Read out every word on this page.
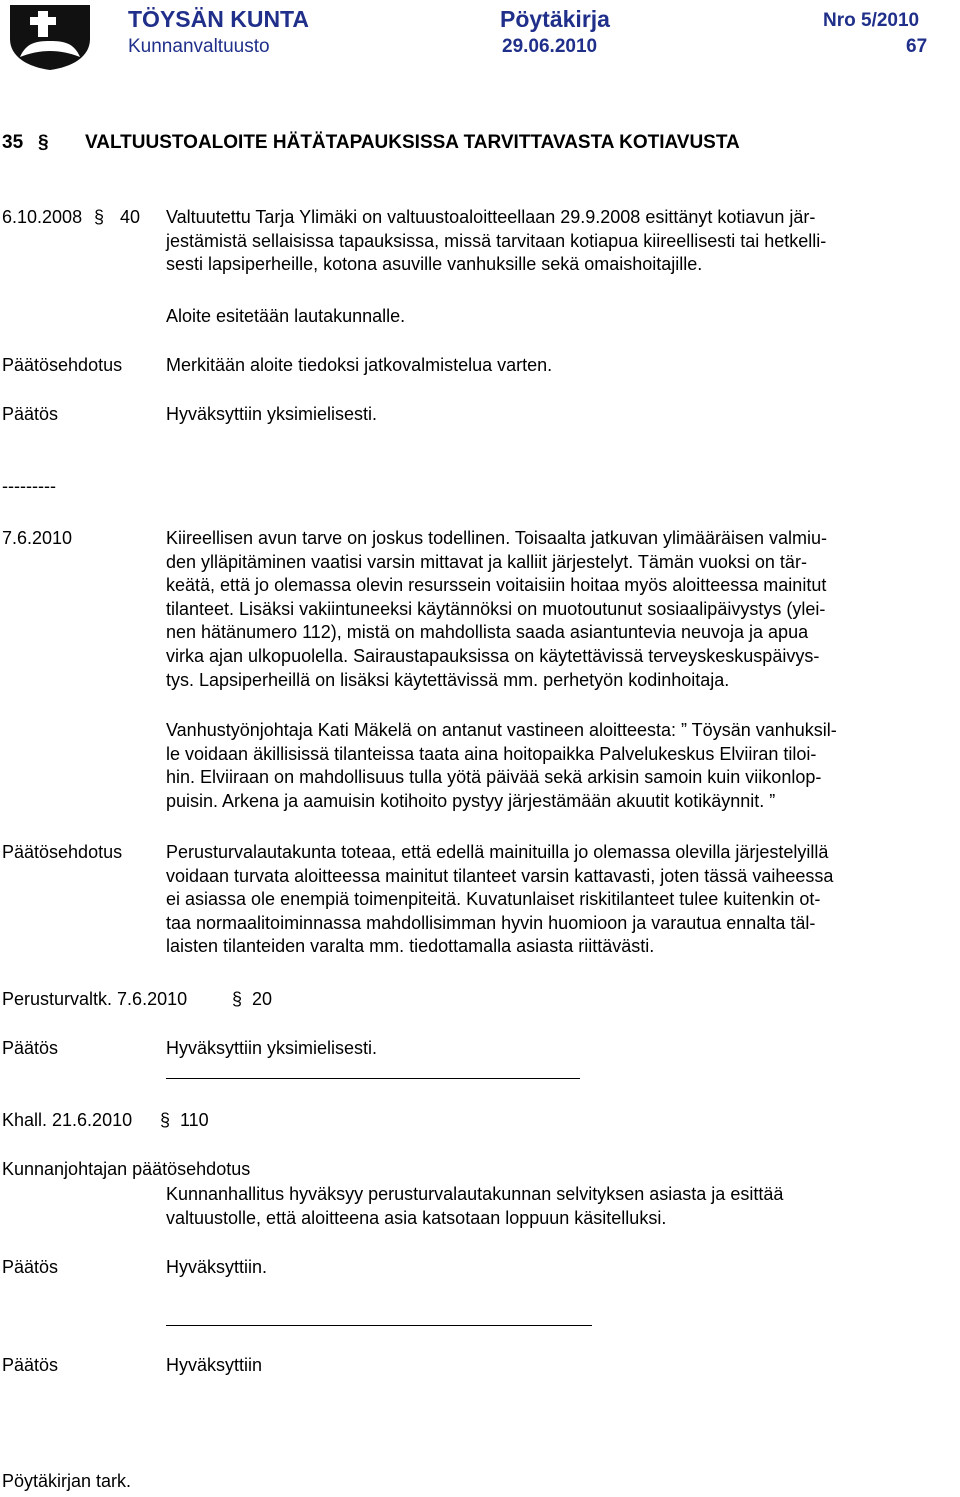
TÖYSÄN KUNTA	Pöytäkirja	Nro 5/2010
Kunnanvaltuusto	29.06.2010	67
35 § VALTUUSTOALOITE HÄTÄTAPAUKSISSA TARVITTAVASTA KOTIAVUSTA
6.10.2008 § 40 Valtuutettu Tarja Ylimäki on valtuustoaloitteellaan 29.9.2008 esittänyt kotiavun jär-
jestämistä sellaisissa tapauksissa, missä tarvitaan kotiapua kiireellisesti tai hetkelli-
sesti lapsiperheille, kotona asuville vanhuksille sekä omaishoitajille.
Aloite esitetään lautakunnalle.
Päätösehdotus Merkitään aloite tiedoksi jatkovalmistelua varten.
Päätös	Hyväksyttiin yksimielisesti.
---------
7.6.2010	Kiireellisen avun tarve on joskus todellinen. Toisaalta jatkuvan ylimääräisen valmiu-
den ylläpitäminen vaatisi varsin mittavat ja kalliit järjestelyt. Tämän vuoksi on tär-
keätä, että jo olemassa olevin resurssein voitaisiin hoitaa myös aloitteessa mainitut
tilanteet. Lisäksi vakiintuneeksi käytännöksi on muotoutunut sosiaalipäivystys (ylei-
nen hätänumero 112), mistä on mahdollista saada asiantuntevia neuvoja ja apua
virka ajan ulkopuolella. Sairaustapauksissa on käytettävissä terveyskeskuspäivys-
tys. Lapsiperheillä on lisäksi käytettävissä mm. perhetyön kodinhoitaja.
Vanhustyönjohtaja Kati Mäkelä on antanut vastineen aloitteesta: ” Töysän vanhuksil-
le voidaan äkillisissä tilanteissa taata aina hoitopaikka Palvelukeskus Elviiran tiloi-
hin. Elviiraan on mahdollisuus tulla yötä päivää sekä arkisin samoin kuin viikonlop-
puisin. Arkena ja aamuisin kotihoito pystyy järjestämään akuutit kotikäynnit. ”
Päätösehdotus Perusturvalautakunta toteaa, että edellä mainituilla jo olemassa olevilla järjestelyillä
voidaan turvata aloitteessa mainitut tilanteet varsin kattavasti, joten tässä vaiheessa
ei asiassa ole enempiä toimenpiteitä. Kuvatunlaiset riskitilanteet tulee kuitenkin ot-
taa normaalitoiminnassa mahdollisimman hyvin huomioon ja varautua ennalta täl-
laisten tilanteiden varalta mm. tiedottamalla asiasta riittävästi.
Perusturvaltk. 7.6.2010 § 20
Päätös	Hyväksyttiin yksimielisesti.
Khall. 21.6.2010 § 110
Kunnanjohtajan päätösehdotus
Kunnanhallitus hyväksyy perusturvalautakunnan selvityksen asiasta ja esittää
valtuustolle, että aloitteena asia katsotaan loppuun käsitelluksi.
Päätös	Hyväksyttiin.
Päätös	Hyväksyttiin
Pöytäkirjan tark.
